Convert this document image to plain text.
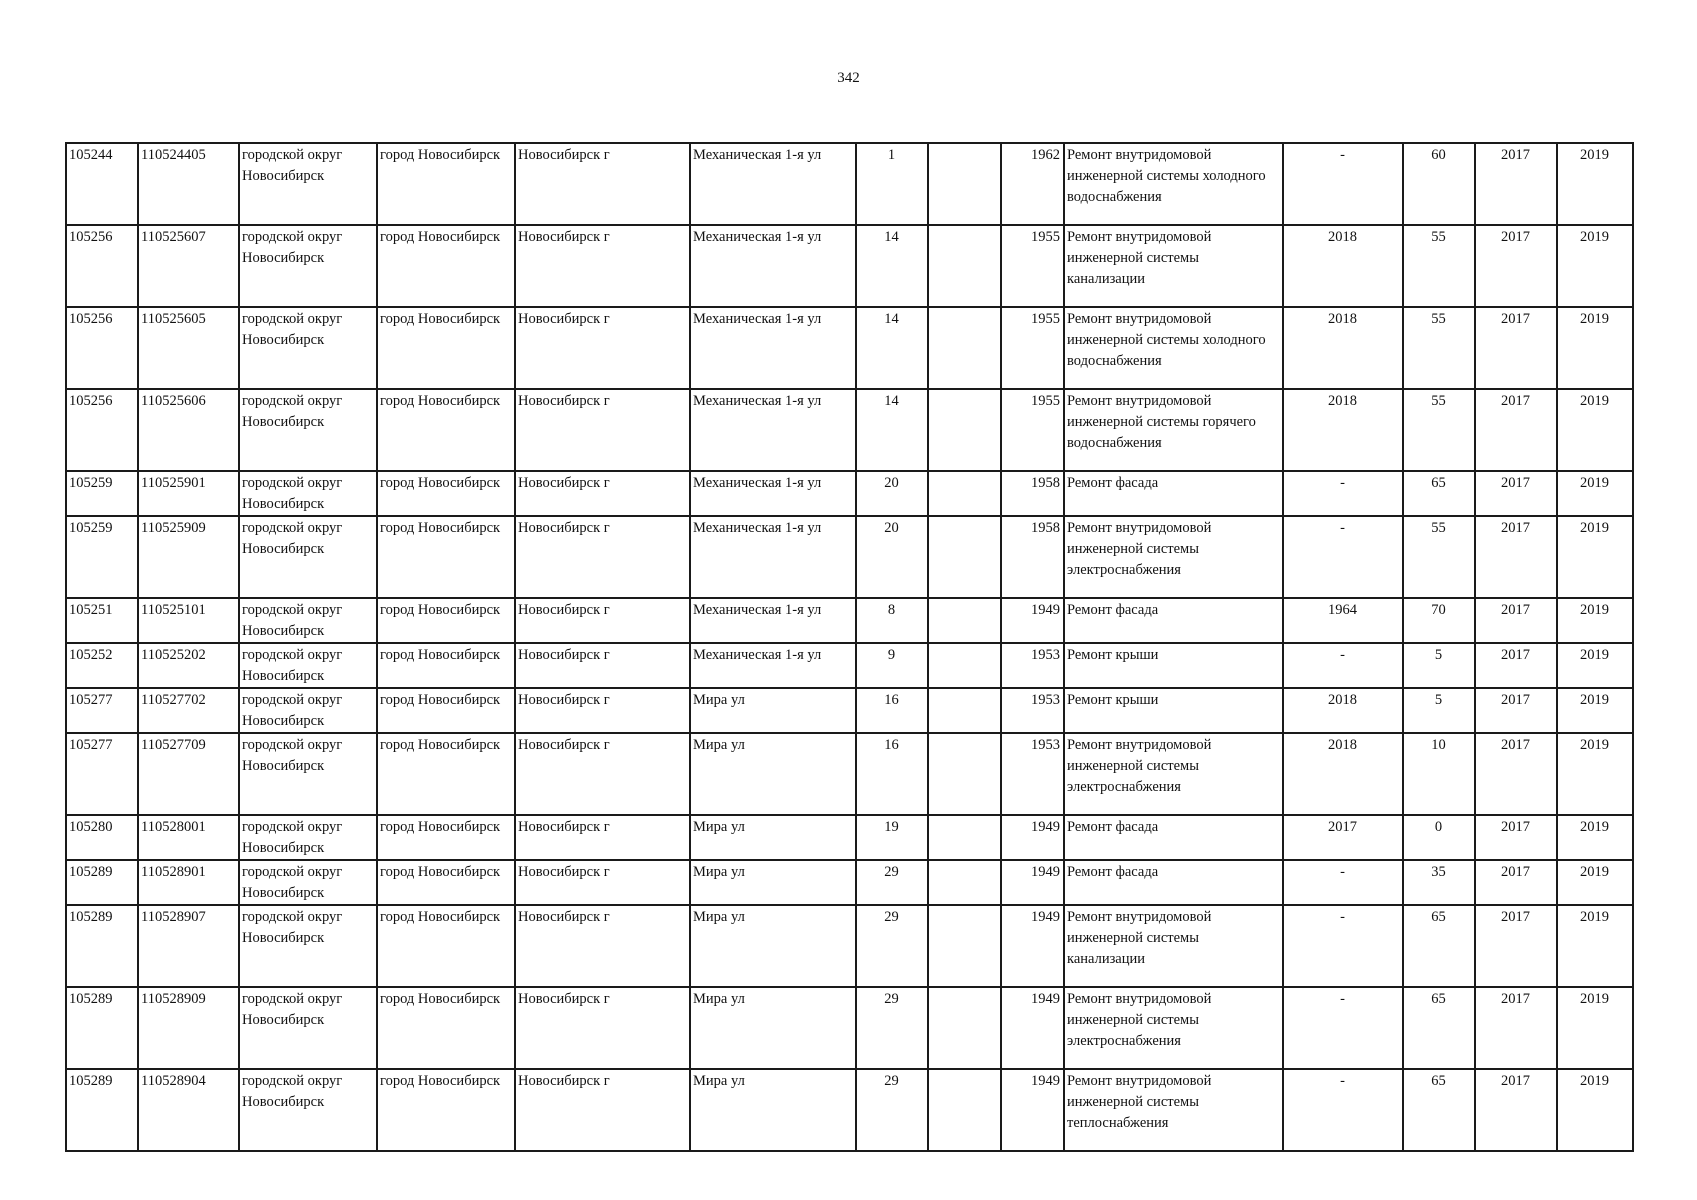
342
105244	110524405	городской округ Новосибирск	город Новосибирск	Новосибирск г	Механическая 1-я ул	1		1962	Ремонт внутридомовой инженерной системы холодного водоснабжения	-	60	2017	2019
105256	110525607	городской округ Новосибирск	город Новосибирск	Новосибирск г	Механическая 1-я ул	14		1955	Ремонт внутридомовой инженерной системы канализации	2018	55	2017	2019
105256	110525605	городской округ Новосибирск	город Новосибирск	Новосибирск г	Механическая 1-я ул	14		1955	Ремонт внутридомовой инженерной системы холодного водоснабжения	2018	55	2017	2019
105256	110525606	городской округ Новосибирск	город Новосибирск	Новосибирск г	Механическая 1-я ул	14		1955	Ремонт внутридомовой инженерной системы горячего водоснабжения	2018	55	2017	2019
105259	110525901	городской округ Новосибирск	город Новосибирск	Новосибирск г	Механическая 1-я ул	20		1958	Ремонт фасада	-	65	2017	2019
105259	110525909	городской округ Новосибирск	город Новосибирск	Новосибирск г	Механическая 1-я ул	20		1958	Ремонт внутридомовой инженерной системы электроснабжения	-	55	2017	2019
105251	110525101	городской округ Новосибирск	город Новосибирск	Новосибирск г	Механическая 1-я ул	8		1949	Ремонт фасада	1964	70	2017	2019
105252	110525202	городской округ Новосибирск	город Новосибирск	Новосибирск г	Механическая 1-я ул	9		1953	Ремонт крыши	-	5	2017	2019
105277	110527702	городской округ Новосибирск	город Новосибирск	Новосибирск г	Мира ул	16		1953	Ремонт крыши	2018	5	2017	2019
105277	110527709	городской округ Новосибирск	город Новосибирск	Новосибирск г	Мира ул	16		1953	Ремонт внутридомовой инженерной системы электроснабжения	2018	10	2017	2019
105280	110528001	городской округ Новосибирск	город Новосибирск	Новосибирск г	Мира ул	19		1949	Ремонт фасада	2017	0	2017	2019
105289	110528901	городской округ Новосибирск	город Новосибирск	Новосибирск г	Мира ул	29		1949	Ремонт фасада	-	35	2017	2019
105289	110528907	городской округ Новосибирск	город Новосибирск	Новосибирск г	Мира ул	29		1949	Ремонт внутридомовой инженерной системы канализации	-	65	2017	2019
105289	110528909	городской округ Новосибирск	город Новосибирск	Новосибирск г	Мира ул	29		1949	Ремонт внутридомовой инженерной системы электроснабжения	-	65	2017	2019
105289	110528904	городской округ Новосибирск	город Новосибирск	Новосибирск г	Мира ул	29		1949	Ремонт внутридомовой инженерной системы теплоснабжения	-	65	2017	2019
